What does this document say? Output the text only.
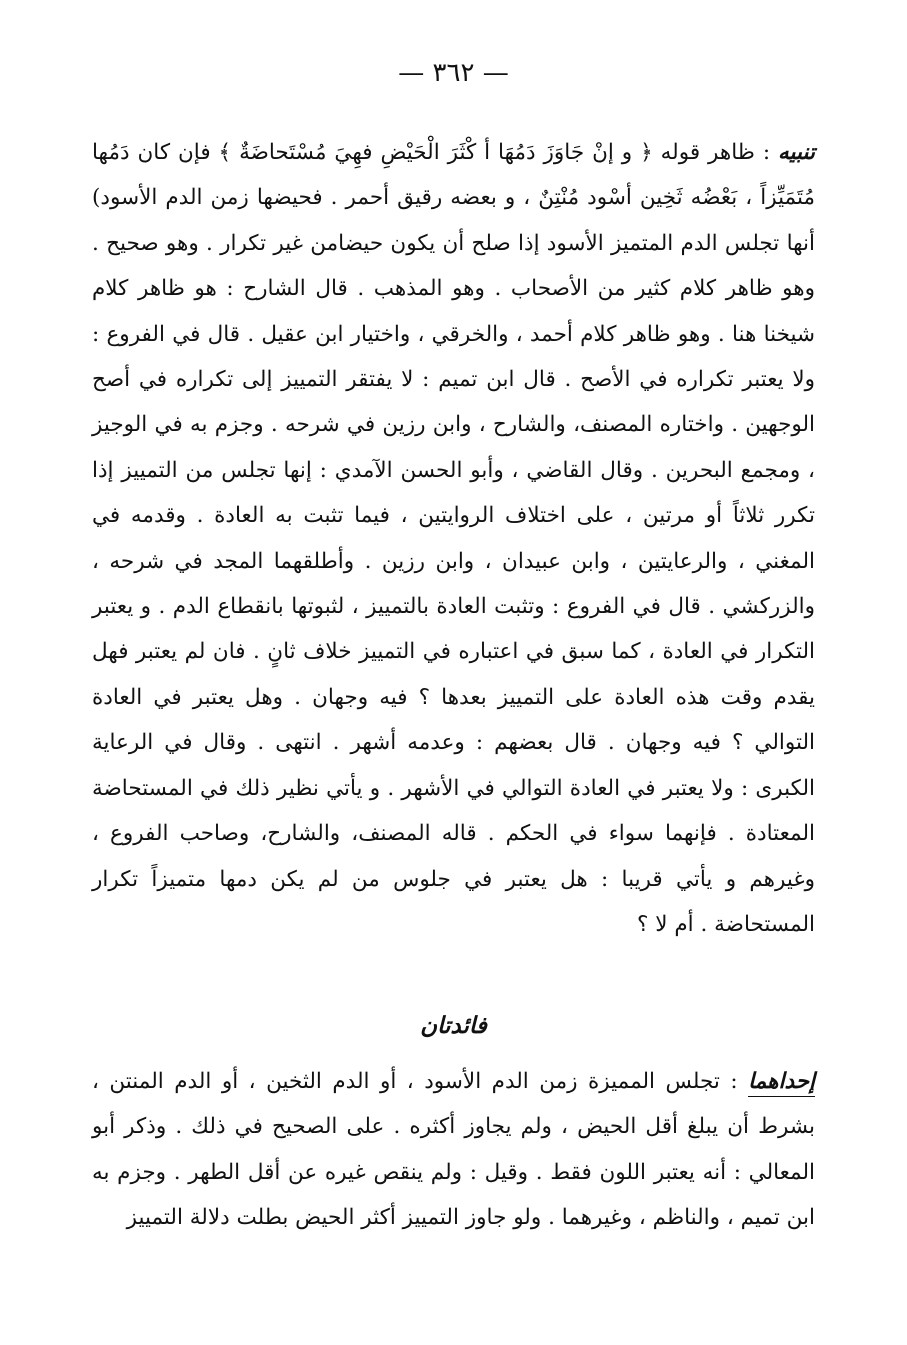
— ٣٦٢ —

تنبيه : ظاهر قوله ﴿ و إنْ جَاوَزَ دَمُهَا أ كْثَرَ الْحَيْضِ فهِيَ مُسْتَحاضَةٌ ﴾ فإن كان دَمُها مُتَمَيِّزاً ، بَعْضُه ثَخِين أسْود مُنْتِنٌ ، و بعضه رقيق أحمر . فحيضها زمن الدم الأسود) أنها تجلس الدم المتميز الأسود إذا صلح أن يكون حيضامن غير تكرار . وهو صحيح . وهو ظاهر كلام كثير من الأصحاب . وهو المذهب . قال الشارح : هو ظاهر كلام شيخنا هنا . وهو ظاهر كلام أحمد ، والخرقي ، واختيار ابن عقيل . قال في الفروع : ولا يعتبر تكراره في الأصح . قال ابن تميم : لا يفتقر التمييز إلى تكراره في أصح الوجهين . واختاره المصنف، والشارح ، وابن رزين في شرحه . وجزم به في الوجيز ، ومجمع البحرين . وقال القاضي ، وأبو الحسن الآمدي : إنها تجلس من التمييز إذا تكرر ثلاثاً أو مرتين ، على اختلاف الروايتين ، فيما تثبت به العادة . وقدمه في المغني ، والرعايتين ، وابن عبيدان ، وابن رزين . وأطلقهما المجد في شرحه ، والزركشي . قال في الفروع : وتثبت العادة بالتمييز ، لثبوتها بانقطاع الدم . و يعتبر التكرار في العادة ، كما سبق في اعتباره في التمييز خلاف ثانٍ . فان لم يعتبر فهل يقدم وقت هذه العادة على التمييز بعدها ؟ فيه وجهان . وهل يعتبر في العادة التوالي ؟ فيه وجهان . قال بعضهم : وعدمه أشهر . انتهى . وقال في الرعاية الكبرى : ولا يعتبر في العادة التوالي في الأشهر . و يأتي نظير ذلك في المستحاضة المعتادة . فإنهما سواء في الحكم . قاله المصنف، والشارح، وصاحب الفروع ، وغيرهم و يأتي قريبا : هل يعتبر في جلوس من لم يكن دمها متميزاً تكرار المستحاضة . أم لا ؟

فائدتان

إحداهما : تجلس المميزة زمن الدم الأسود ، أو الدم الثخين ، أو الدم المنتن ، بشرط أن يبلغ أقل الحيض ، ولم يجاوز أكثره . على الصحيح في ذلك . وذكر أبو المعالي : أنه يعتبر اللون فقط . وقيل : ولم ينقص غيره عن أقل الطهر . وجزم به ابن تميم ، والناظم ، وغيرهما . ولو جاوز التمييز أكثر الحيض بطلت دلالة التمييز
